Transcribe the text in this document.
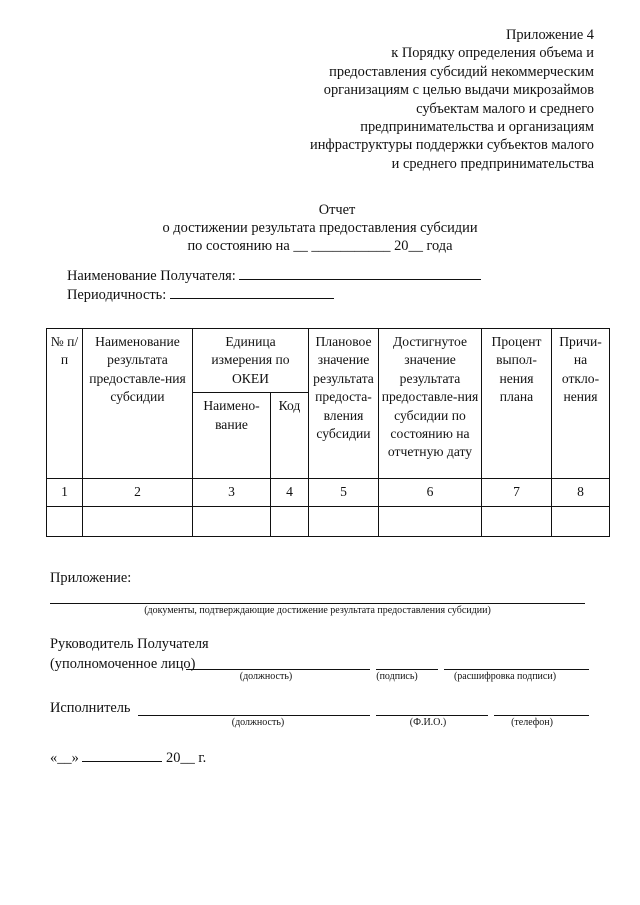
Приложение 4
к Порядку определения объема и
предоставления субсидий некоммерческим
организациям с целью выдачи микрозаймов
субъектам малого и среднего
предпринимательства и организациям
инфраструктуры поддержки субъектов малого
и среднего предпринимательства
Отчет
о достижении результата предоставления субсидии
по состоянию на __ ___________ 20__ года
Наименование Получателя:
Периодичность:
№ п/п	Наименование результата предоставле-ния субсидии	Единица измерения по ОКЕИ		Плановое значение результата предоста-вления субсидии	Достигнутое значение результата предоставле-ния субсидии по состоянию на отчетную дату	Процент выпол-нения плана	Причи-на откло-нения
		Наимено-вание	Код				
1	2	3	4	5	6	7	8

Приложение:
(документы, подтверждающие достижение результата предоставления субсидии)
Руководитель Получателя
(уполномоченное лицо)
(должность)	(подпись)	(расшифровка подписи)
Исполнитель
(должность)	(Ф.И.О.)	(телефон)
«__»	20__ г.
